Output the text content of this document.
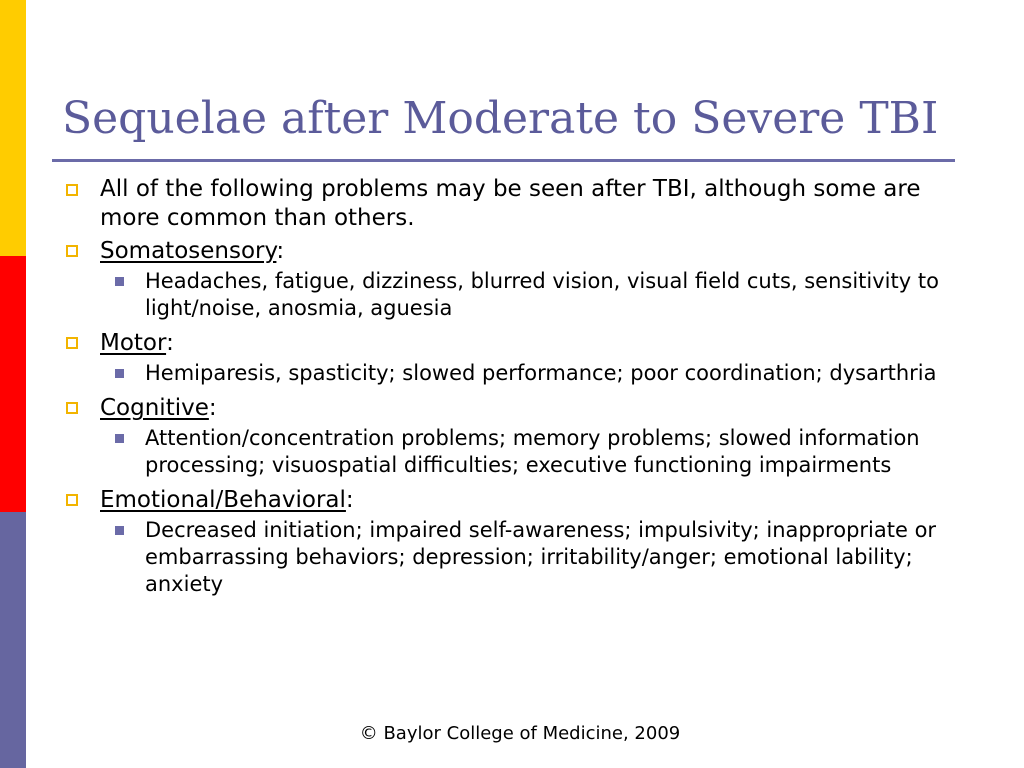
Sequelae after Moderate to Severe TBI
All of the following problems may be seen after TBI, although some are more common than others.
Somatosensory:
Headaches, fatigue, dizziness, blurred vision, visual field cuts, sensitivity to light/noise, anosmia, aguesia
Motor:
Hemiparesis, spasticity; slowed performance; poor coordination; dysarthria
Cognitive:
Attention/concentration problems; memory problems; slowed information processing; visuospatial difficulties; executive functioning impairments
Emotional/Behavioral:
Decreased initiation; impaired self-awareness; impulsivity; inappropriate or embarrassing behaviors; depression; irritability/anger; emotional lability; anxiety
© Baylor College of Medicine, 2009
